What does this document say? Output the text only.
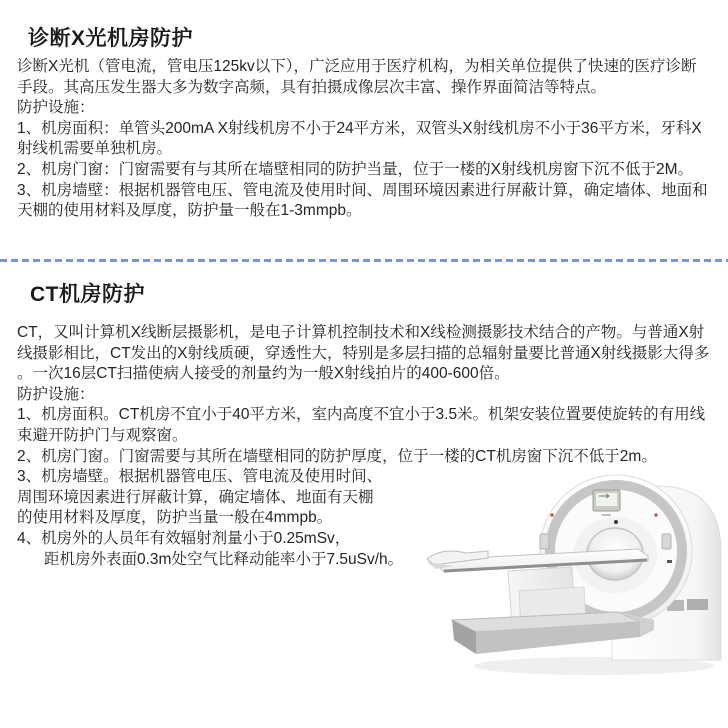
诊断X光机房防护
诊断X光机（管电流，管电压125kv以下），广泛应用于医疗机构，为相关单位提供了快速的医疗诊断
手段。其高压发生器大多为数字高频，具有拍摄成像层次丰富、操作界面简洁等特点。
防护设施：
1、机房面积：单管头200mA X射线机房不小于24平方米，双管头X射线机房不小于36平方米，牙科X
射线机需要单独机房。
2、机房门窗：门窗需要有与其所在墙壁相同的防护当量，位于一楼的X射线机房窗下沉不低于2M。
3、机房墙壁：根据机器管电压、管电流及使用时间、周围环境因素进行屏蔽计算，确定墙体、地面和
天棚的使用材料及厚度，防护量一般在1-3mmpb。
CT机房防护
CT，又叫计算机X线断层摄影机，是电子计算机控制技术和X线检测摄影技术结合的产物。与普通X射
线摄影相比，CT发出的X射线质硬，穿透性大，特别是多层扫描的总辐射量要比普通X射线摄影大得多
。一次16层CT扫描使病人接受的剂量约为一般X射线拍片的400-600倍。
防护设施：
1、机房面积。CT机房不宜小于40平方米，室内高度不宜小于3.5米。机架安装位置要使旋转的有用线
束避开防护门与观察窗。
2、机房门窗。门窗需要与其所在墙壁相同的防护厚度，位于一楼的CT机房窗下沉不低于2m。
3、机房墙壁。根据机器管电压、管电流及使用时间、
周围环境因素进行屏蔽计算，确定墙体、地面有天棚
的使用材料及厚度，防护当量一般在4mmpb。
4、机房外的人员年有效辐射剂量小于0.25mSv，
距机房外表面0.3m处空气比释动能率小于7.5uSv/h。
